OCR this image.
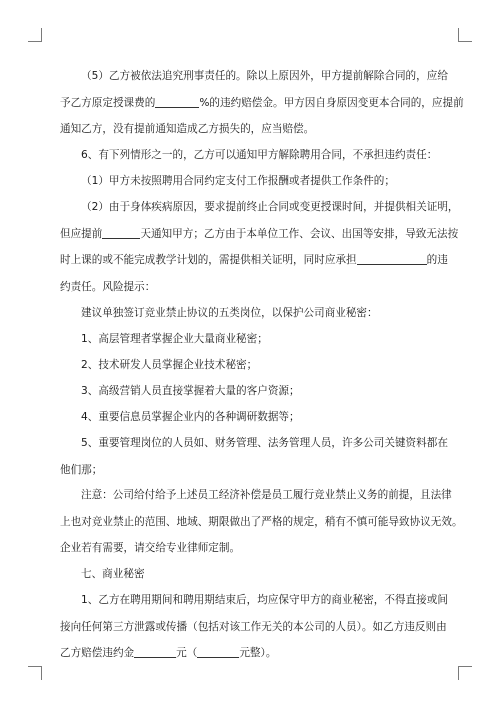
（5）乙方被依法追究刑事责任的。除以上原因外，甲方提前解除合同的，应给
予乙方原定授课费的	%的违约赔偿金。甲方因自身原因变更本合同的，应提前
通知乙方，没有提前通知造成乙方损失的，应当赔偿。
6、有下列情形之一的，乙方可以通知甲方解除聘用合同，不承担违约责任：
（1）甲方未按照聘用合同约定支付工作报酬或者提供工作条件的；
（2）由于身体疾病原因，要求提前终止合同或变更授课时间，并提供相关证明，
但应提前	天通知甲方；乙方由于本单位工作、会议、出国等安排，导致无法按
时上课的或不能完成教学计划的，需提供相关证明，同时应承担	的违
约责任。风险提示：
建议单独签订竞业禁止协议的五类岗位，以保护公司商业秘密：
1、高层管理者掌握企业大量商业秘密；
2、技术研发人员掌握企业技术秘密；
3、高级营销人员直接掌握着大量的客户资源；
4、重要信息员掌握企业内的各种调研数据等；
5、重要管理岗位的人员如、财务管理、法务管理人员，许多公司关键资料都在
他们那；
注意：公司给付给予上述员工经济补偿是员工履行竞业禁止义务的前提，且法律
上也对竞业禁止的范围、地域、期限做出了严格的规定，稍有不慎可能导致协议无效。
企业若有需要，请交给专业律师定制。
七、商业秘密
1、乙方在聘用期间和聘用期结束后，均应保守甲方的商业秘密，不得直接或间
接向任何第三方泄露或传播（包括对该工作无关的本公司的人员）。如乙方违反则由
乙方赔偿违约金	元（	元整）。
